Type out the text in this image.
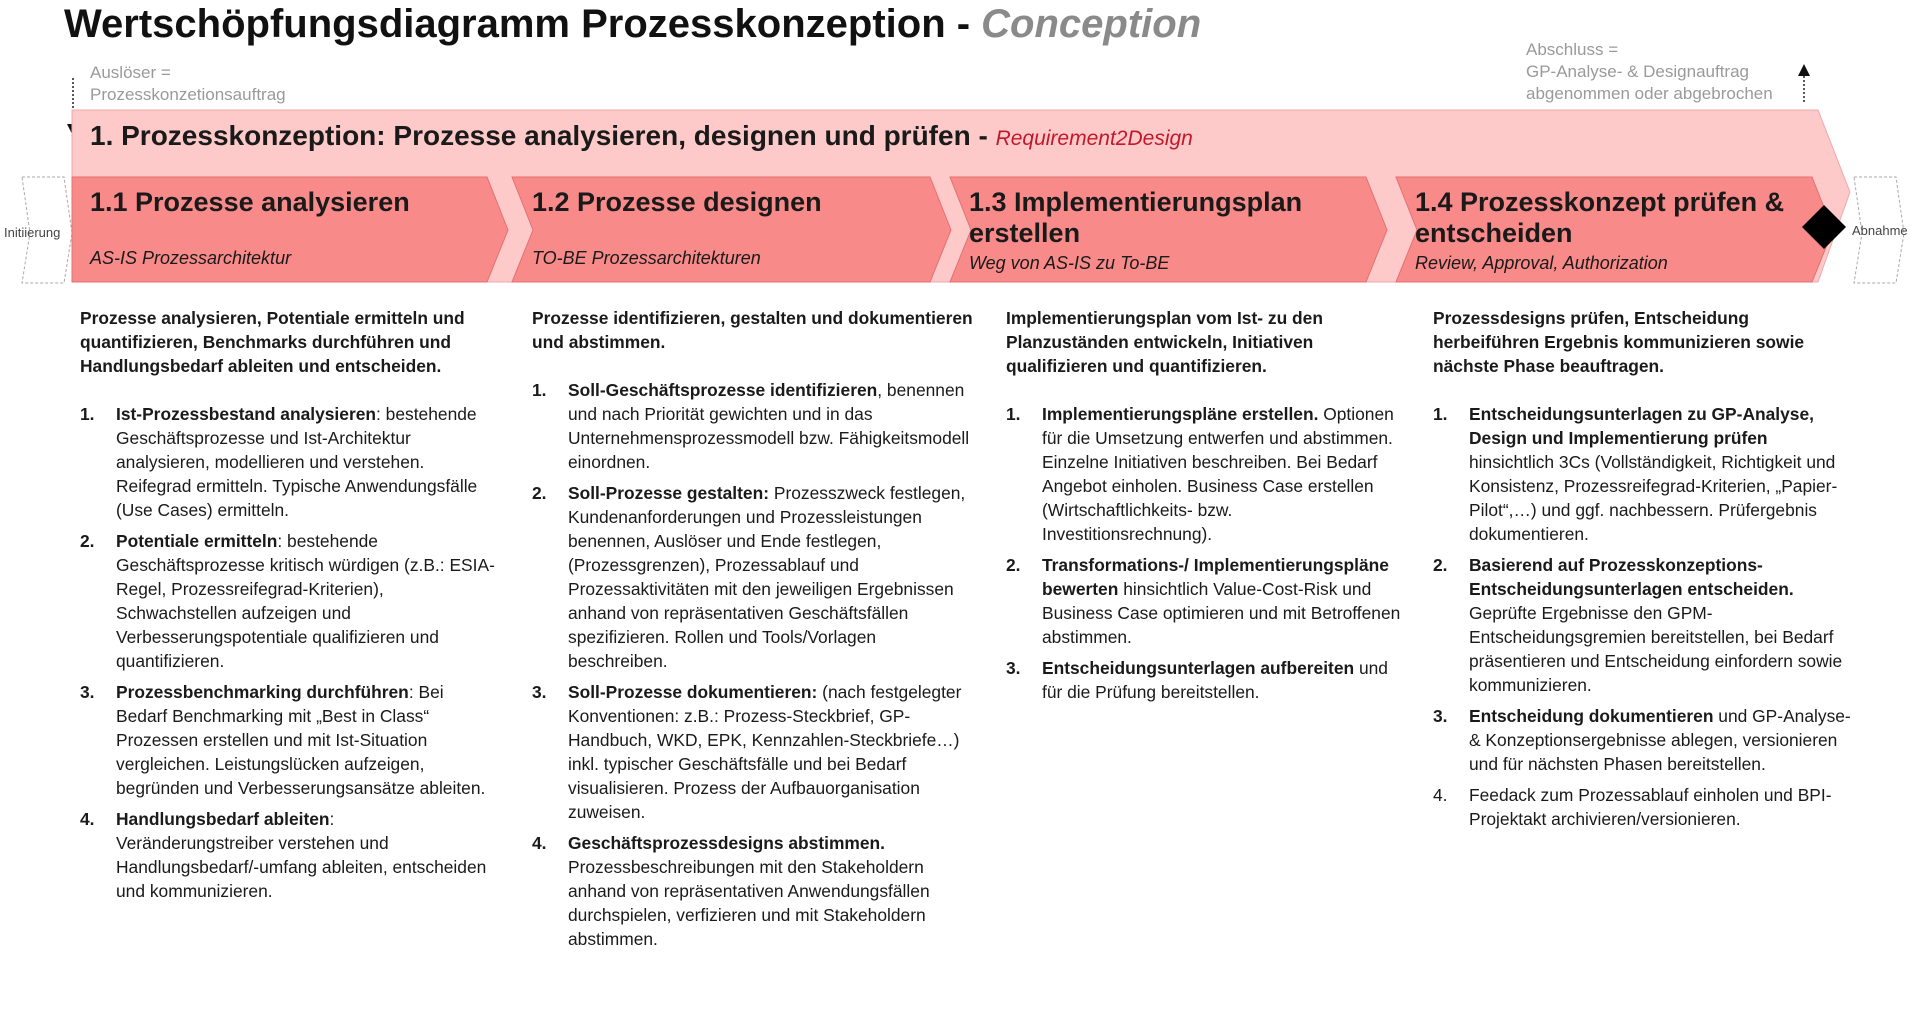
Wertschöpfungsdiagramm Prozesskonzeption - Conception
Auslöser =
Prozesskonzetionsauftrag
Abschluss =
GP-Analyse- & Designauftrag
abgenommen oder abgebrochen
1. Prozesskonzeption: Prozesse analysieren, designen und prüfen - Requirement2Design
Initiierung	Abnahme
1.1 Prozesse analysieren
AS-IS Prozessarchitektur
1.2 Prozesse designen
TO-BE Prozessarchitekturen
1.3 Implementierungsplan erstellen
Weg von AS-IS zu To-BE
1.4 Prozesskonzept prüfen & entscheiden
Review, Approval, Authorization

Prozesse analysieren, Potentiale ermitteln und quantifizieren, Benchmarks durchführen und Handlungsbedarf ableiten und entscheiden.

1. Ist-Prozessbestand analysieren: bestehende Geschäftsprozesse und Ist-Architektur analysieren, modellieren und verstehen. Reifegrad ermitteln. Typische Anwendungsfälle (Use Cases) ermitteln.
2. Potentiale ermitteln: bestehende Geschäftsprozesse kritisch würdigen (z.B.: ESIA-Regel, Prozessreifegrad-Kriterien), Schwachstellen aufzeigen und Verbesserungspotentiale qualifizieren und quantifizieren.
3. Prozessbenchmarking durchführen: Bei Bedarf Benchmarking mit „Best in Class“ Prozessen erstellen und mit Ist-Situation vergleichen. Leistungslücken aufzeigen, begründen und Verbesserungsansätze ableiten.
4. Handlungsbedarf ableiten: Veränderungstreiber verstehen und Handlungsbedarf/-umfang ableiten, entscheiden und kommunizieren.

Prozesse identifizieren, gestalten und dokumentieren und abstimmen.

1. Soll-Geschäftsprozesse identifizieren, benennen und nach Priorität gewichten und in das Unternehmensprozessmodell bzw. Fähigkeitsmodell einordnen.
2. Soll-Prozesse gestalten: Prozesszweck festlegen, Kundenanforderungen und Prozessleistungen benennen, Auslöser und Ende festlegen, (Prozessgrenzen), Prozessablauf und Prozessaktivitäten mit den jeweiligen Ergebnissen anhand von repräsentativen Geschäftsfällen spezifizieren. Rollen und Tools/Vorlagen beschreiben.
3. Soll-Prozesse dokumentieren: (nach festgelegter Konventionen: z.B.: Prozess-Steckbrief, GP-Handbuch, WKD, EPK, Kennzahlen-Steckbriefe…) inkl. typischer Geschäftsfälle und bei Bedarf visualisieren. Prozess der Aufbauorganisation zuweisen.
4. Geschäftsprozessdesigns abstimmen. Prozessbeschreibungen mit den Stakeholdern anhand von repräsentativen Anwendungsfällen durchspielen, verfizieren und mit Stakeholdern abstimmen.

Implementierungsplan vom Ist- zu den Planzuständen entwickeln, Initiativen qualifizieren und quantifizieren.

1. Implementierungspläne erstellen. Optionen für die Umsetzung entwerfen und abstimmen. Einzelne Initiativen beschreiben. Bei Bedarf Angebot einholen. Business Case erstellen (Wirtschaftlichkeits- bzw. Investitionsrechnung).
2. Transformations-/ Implementierungspläne bewerten hinsichtlich Value-Cost-Risk und Business Case optimieren und mit Betroffenen abstimmen.
3. Entscheidungsunterlagen aufbereiten und für die Prüfung bereitstellen.

Prozessdesigns prüfen, Entscheidung herbeiführen Ergebnis kommunizieren sowie nächste Phase beauftragen.

1. Entscheidungsunterlagen zu GP-Analyse, Design und Implementierung prüfen hinsichtlich 3Cs (Vollständigkeit, Richtigkeit und Konsistenz, Prozessreifegrad-Kriterien, „Papier-Pilot“,…) und ggf. nachbessern. Prüfergebnis dokumentieren.
2. Basierend auf Prozesskonzeptions-Entscheidungsunterlagen entscheiden. Geprüfte Ergebnisse den GPM-Entscheidungsgremien bereitstellen, bei Bedarf präsentieren und Entscheidung einfordern sowie kommunizieren.
3. Entscheidung dokumentieren und GP-Analyse- & Konzeptionsergebnisse ablegen, versionieren und für nächsten Phasen bereitstellen.
4. Feedack zum Prozessablauf einholen und BPI-Projektakt archivieren/versionieren.
